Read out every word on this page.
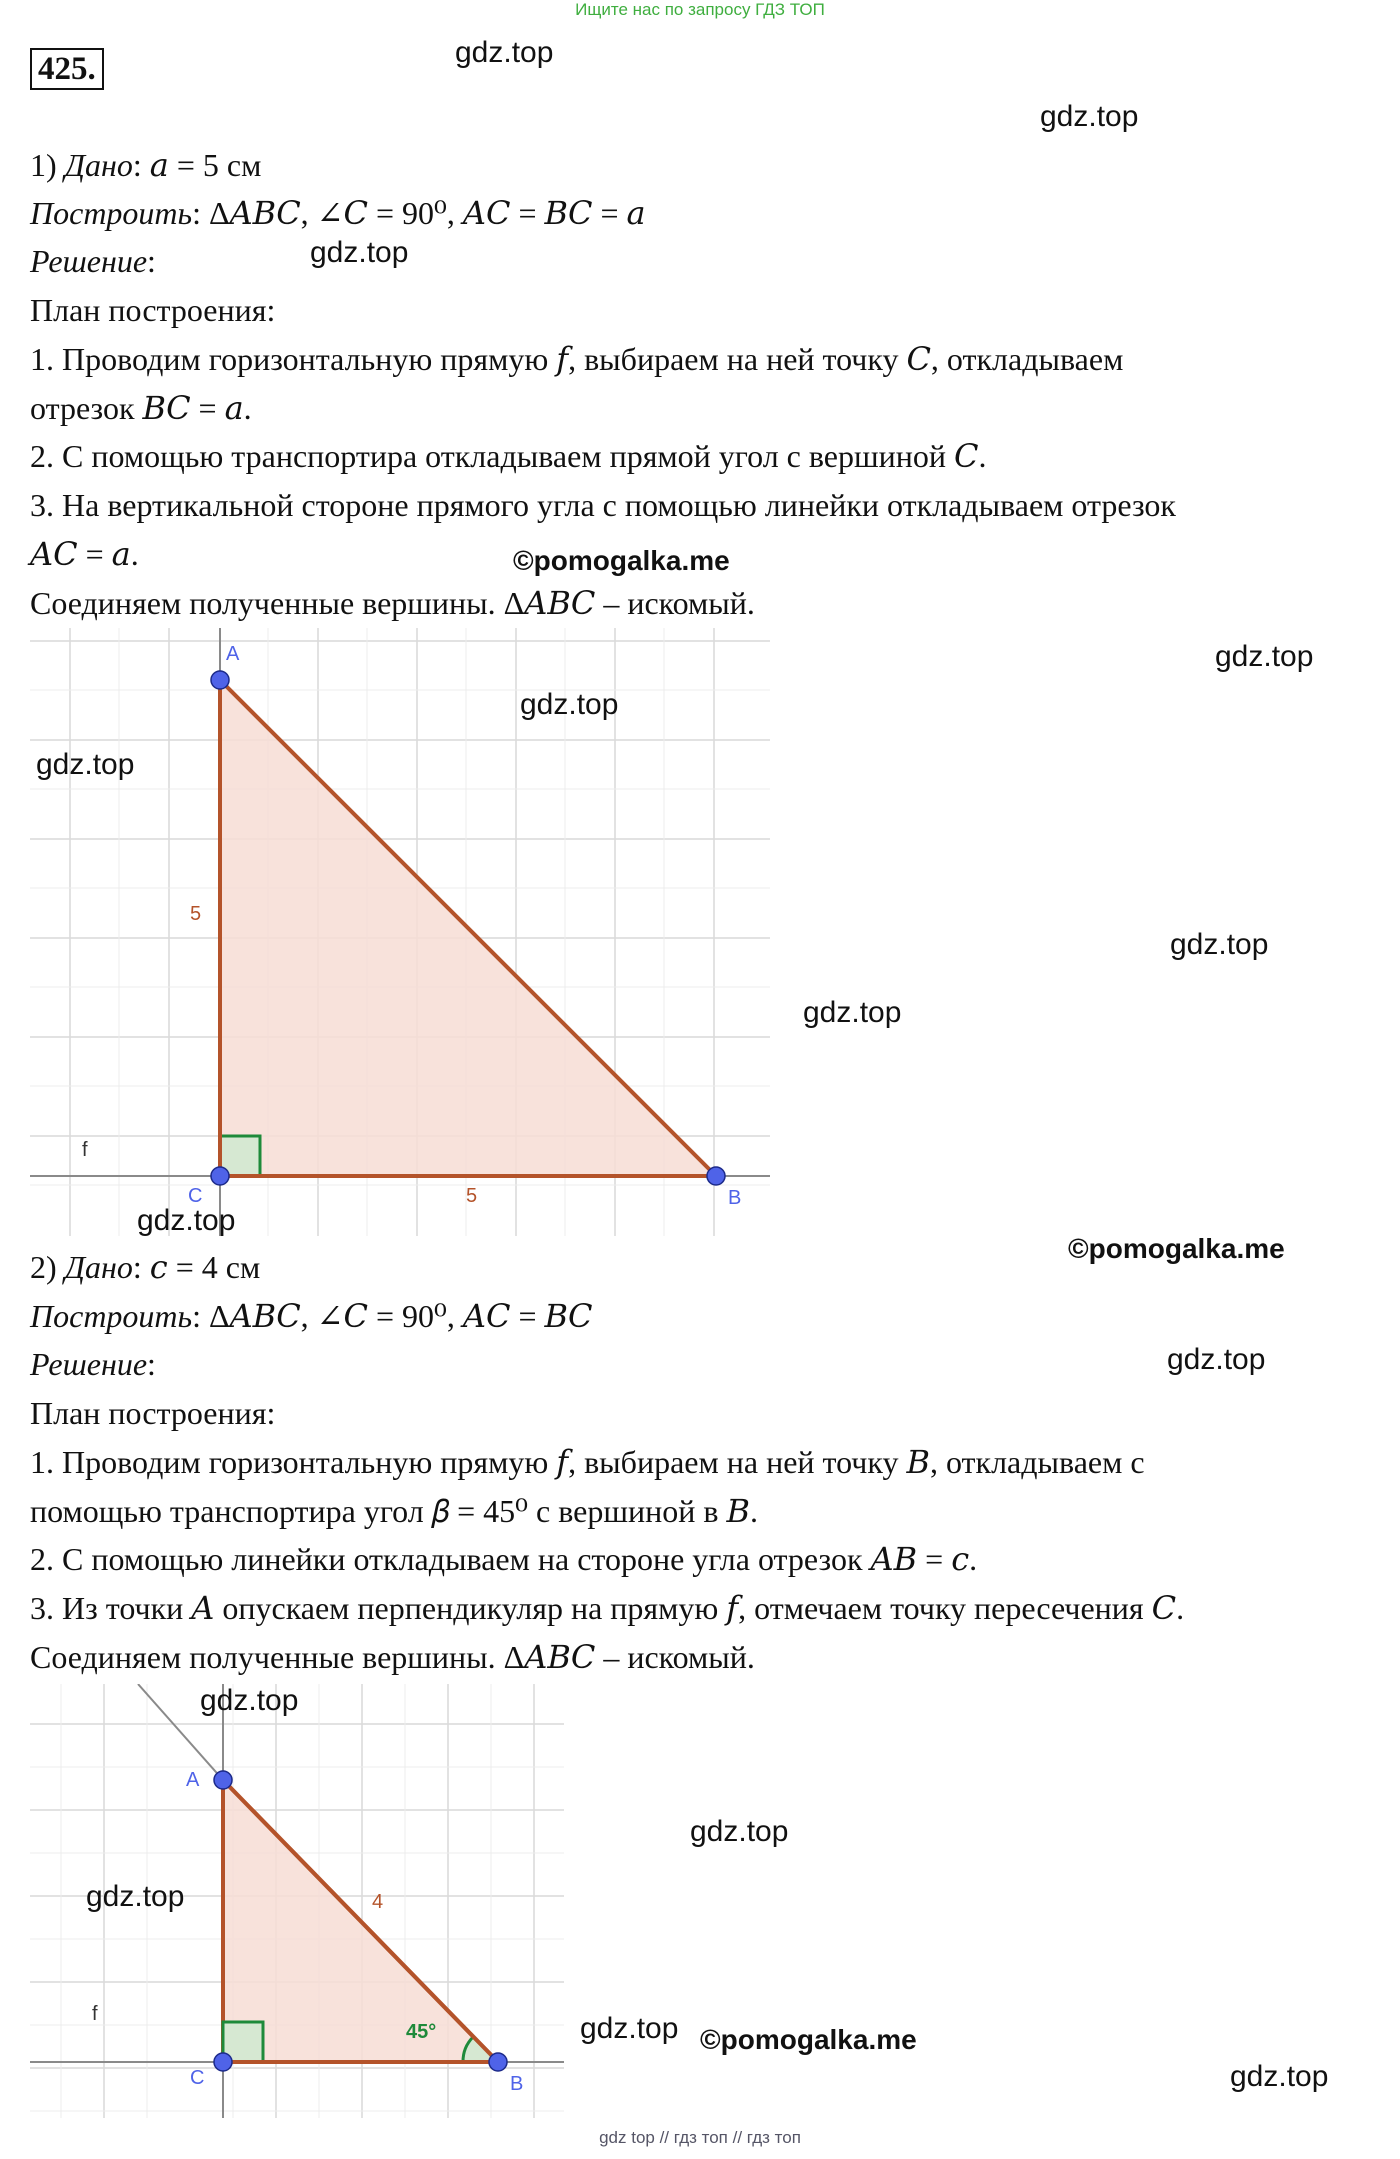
Ищите нас по запросу ГДЗ ТОП
425.	gdz.top
gdz.top
gdz.top
©pomogalka.me
1) Дано: 𝑎 = 5 см
Построить: Δ𝐴𝐵𝐶, ∠𝐶 = 90⁰, 𝐴𝐶 = 𝐵𝐶 = 𝑎
Решение:
План построения:
1. Проводим горизонтальную прямую 𝑓, выбираем на ней точку 𝐶, откладываем
отрезок 𝐵𝐶 = 𝑎.
2. С помощью транспортира откладываем прямой угол с вершиной 𝐶.
3. На вертикальной стороне прямого угла с помощью линейки откладываем отрезок
𝐴𝐶 = 𝑎.
Соединяем полученные вершины. Δ𝐴𝐵𝐶 – искомый.
A
C	B
f
5
5
gdz.top
gdz.top
gdz.top
gdz.top
gdz.top
gdz.top
©pomogalka.me
gdz.top
2) Дано: 𝑐 = 4 см
Построить: Δ𝐴𝐵𝐶, ∠𝐶 = 90⁰, 𝐴𝐶 = 𝐵𝐶
Решение:
План построения:
1. Проводим горизонтальную прямую 𝑓, выбираем на ней точку 𝐵, откладываем с
помощью транспортира угол 𝛽 = 45⁰ с вершиной в 𝐵.
2. С помощью линейки откладываем на стороне угла отрезок 𝐴𝐵 = 𝑐.
3. Из точки 𝐴 опускаем перпендикуляр на прямую 𝑓, отмечаем точку пересечения 𝐶.
Соединяем полученные вершины. Δ𝐴𝐵𝐶 – искомый.
A
C	B
f
4
45°
gdz.top
gdz.top
gdz.top
gdz.top ©pomogalka.me
gdz.top
gdz top // гдз топ // гдз топ
